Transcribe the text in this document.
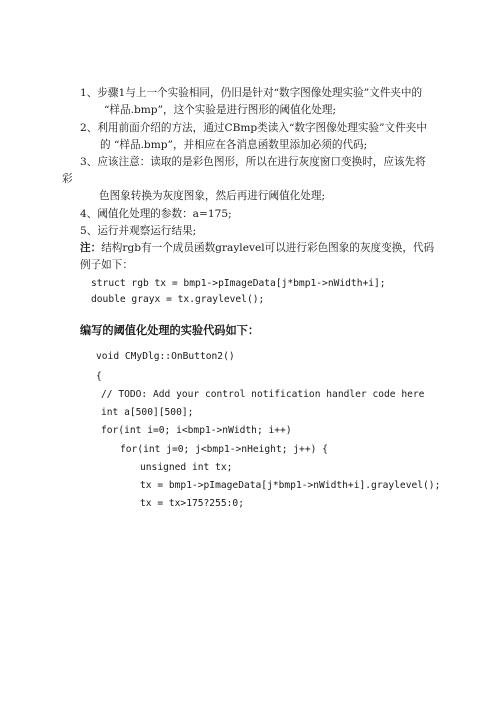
1、步骤1与上一个实验相同，仍旧是针对“数字图像处理实验”文件夹中的
“样品.bmp”，这个实验是进行图形的阈值化处理;
2、利用前面介绍的方法，通过CBmp类读入“数字图像处理实验”文件夹中
的 “样品.bmp”，并相应在各消息函数里添加必须的代码;
3、应该注意：读取的是彩色图形，所以在进行灰度窗口变换时，应该先将
彩
色图象转换为灰度图象，然后再进行阈值化处理;
4、阈值化处理的参数：a=175;
5、运行并观察运行结果;
注：结构rgb有一个成员函数graylevel可以进行彩色图象的灰度变换，代码
例子如下：
struct rgb tx = bmp1->pImageData[j*bmp1->nWidth+i];
double grayx = tx.graylevel();
编写的阈值化处理的实验代码如下：
void CMyDlg::OnButton2()
{
// TODO: Add your control notification handler code here
int a[500][500];
for(int i=0; i<bmp1->nWidth; i++)
for(int j=0; j<bmp1->nHeight; j++) {
unsigned int tx;
tx = bmp1->pImageData[j*bmp1->nWidth+i].graylevel();
tx = tx>175?255:0;
